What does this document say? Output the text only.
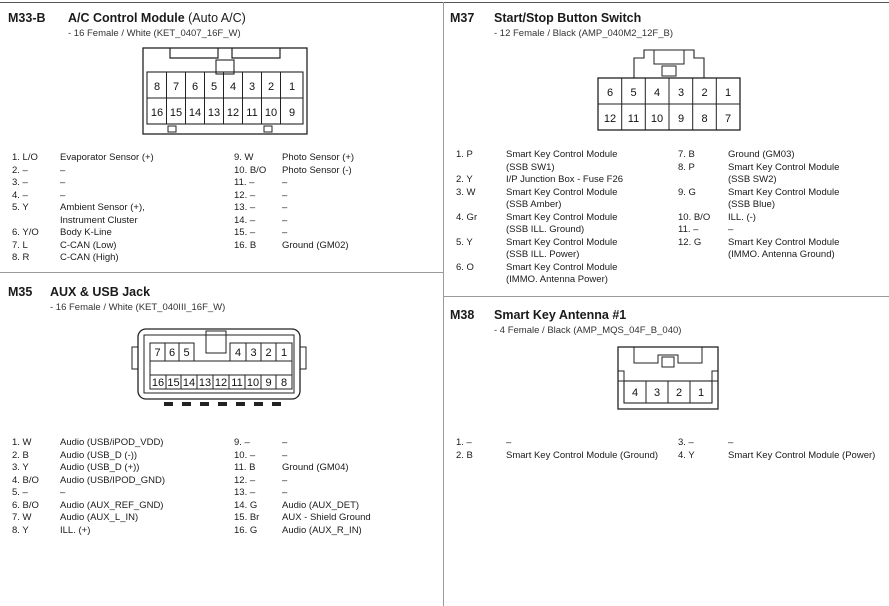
M33-B A/C Control Module (Auto A/C)
- 16 Female / White (KET_0407_16F_W)
8 7 6 5 4 3 2 1
16 15 14 13 12 11 10 9
1. L/O Evaporator Sensor (+)
2. –	–
3. –	–
4. –	–
5. Y	Ambient Sensor (+),
Instrument Cluster
6. Y/O Body K-Line
7. L	C-CAN (Low)
8. R	C-CAN (High)
9. W	Photo Sensor (+)
10. B/O Photo Sensor (-)
11. –	–
12. –	–
13. –	–
14. –	–
15. –	–
16. B	Ground (GM02)
M35 AUX & USB Jack
- 16 Female / White (KET_040III_16F_W)
7 6 5	4 3 2 1
16 15 14 13 12 11 10 9 8
1. W	Audio (USB/iPOD_VDD)
2. B	Audio (USB_D (-))
3. Y	Audio (USB_D (+))
4. B/O Audio (USB/IPOD_GND)
5. –	–
6. B/O Audio (AUX_REF_GND)
7. W	Audio (AUX_L_IN)
8. Y	ILL. (+)
9. –	–
10. –	–
11. B	Ground (GM04)
12. –	–
13. –	–
14. G	Audio (AUX_DET)
15. Br AUX - Shield Ground
16. G	Audio (AUX_R_IN)
M37 Start/Stop Button Switch
- 12 Female / Black (AMP_040M2_12F_B)
6 5 4 3 2 1
12 11 10 9 8 7
1. P	Smart Key Control Module
(SSB SW1)
2. Y	I/P Junction Box - Fuse F26
3. W	Smart Key Control Module
(SSB Amber)
4. Gr	Smart Key Control Module
(SSB ILL. Ground)
5. Y	Smart Key Control Module
(SSB ILL. Power)
6. O	Smart Key Control Module
(IMMO. Antenna Power)
7. B	Ground (GM03)
8. P	Smart Key Control Module
(SSB SW2)
9. G	Smart Key Control Module
(SSB Blue)
10. B/O ILL. (-)
11. –	–
12. G	Smart Key Control Module
(IMMO. Antenna Ground)
M38 Smart Key Antenna #1
- 4 Female / Black (AMP_MQS_04F_B_040)
4 3 2 1
1. –	–
2. B	Smart Key Control Module (Ground)
3. –	–
4. Y	Smart Key Control Module (Power)
